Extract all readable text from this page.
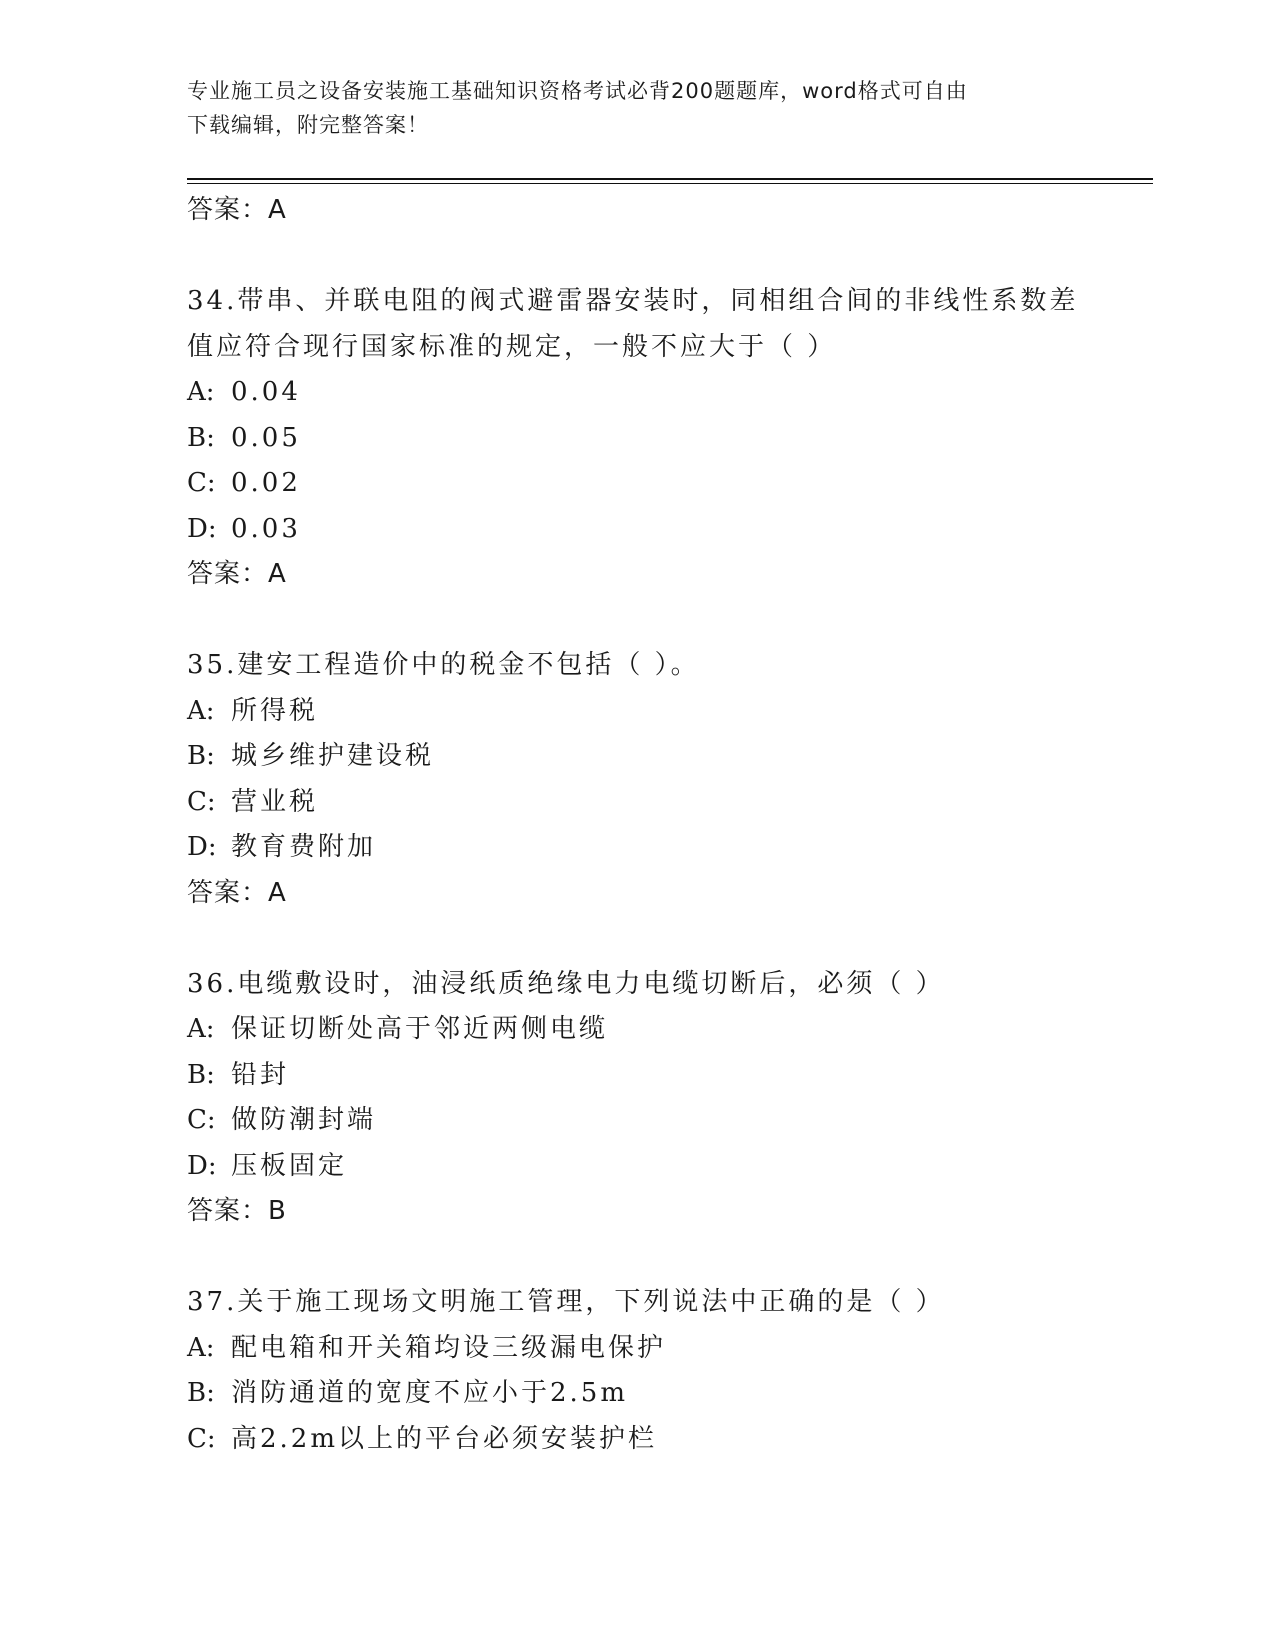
专业施工员之设备安装施工基础知识资格考试必背200题题库，word格式可自由
下载编辑，附完整答案！
答案：A
34.带串、并联电阻的阀式避雷器安装时，同相组合间的非线性系数差
值应符合现行国家标准的规定，一般不应大于（ ）
A: 0.04
B: 0.05
C: 0.02
D: 0.03
答案：A
35.建安工程造价中的税金不包括（ ）。
A: 所得税
B: 城乡维护建设税
C: 营业税
D: 教育费附加
答案：A
36.电缆敷设时，油浸纸质绝缘电力电缆切断后，必须（ ）
A: 保证切断处高于邻近两侧电缆
B: 铅封
C: 做防潮封端
D: 压板固定
答案：B
37.关于施工现场文明施工管理，下列说法中正确的是（ ）
A: 配电箱和开关箱均设三级漏电保护
B: 消防通道的宽度不应小于2.5m
C: 高2.2m以上的平台必须安装护栏
